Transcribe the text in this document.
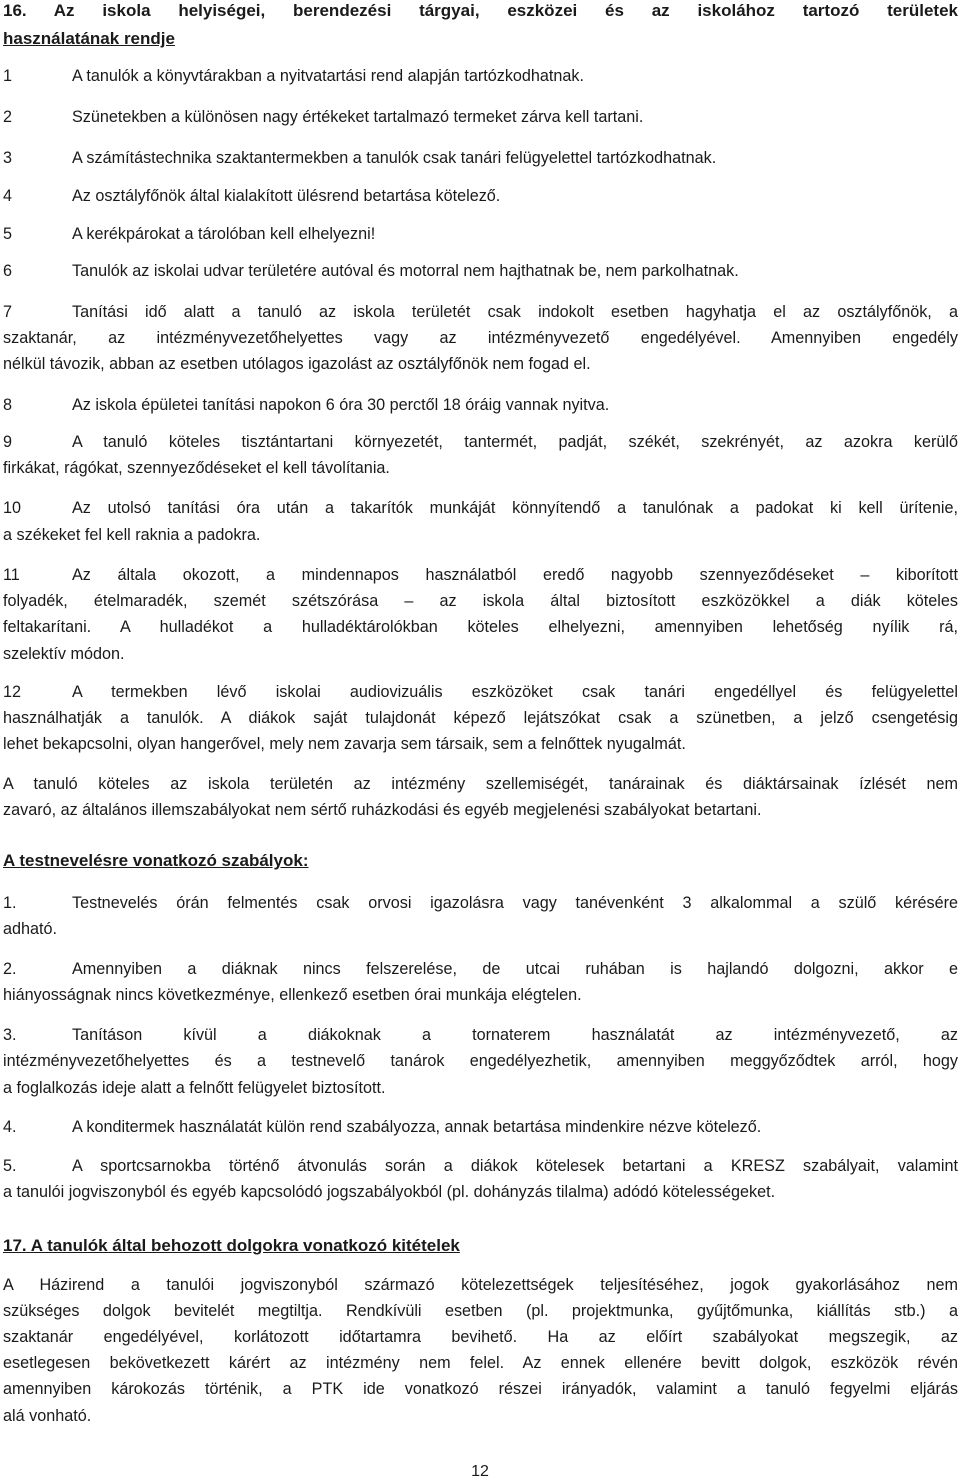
16. Az iskola helyiségei, berendezési tárgyai, eszközei és az iskolához tartozó területek
használatának rendje
1	A tanulók a könyvtárakban a nyitvatartási rend alapján tartózkodhatnak.
2	Szünetekben a különösen nagy értékeket tartalmazó termeket zárva kell tartani.
3	A számítástechnika szaktantermekben a tanulók csak tanári felügyelettel tartózkodhatnak.
4	Az osztályfőnök által kialakított ülésrend betartása kötelező.
5	A kerékpárokat a tárolóban kell elhelyezni!
6	Tanulók az iskolai udvar területére autóval és motorral nem hajthatnak be, nem parkolhatnak.
7	Tanítási idő alatt a tanuló az iskola területét csak indokolt esetben hagyhatja el az osztályfőnök, a
szaktanár, az intézményvezetőhelyettes vagy az intézményvezető engedélyével. Amennyiben engedély
nélkül távozik, abban az esetben utólagos igazolást az osztályfőnök nem fogad el.
8	Az iskola épületei tanítási napokon 6 óra 30 perctől 18 óráig vannak nyitva.
9	A tanuló köteles tisztántartani környezetét, tantermét, padját, székét, szekrényét, az azokra kerülő
firkákat, rágókat, szennyeződéseket el kell távolítania.
10	Az utolsó tanítási óra után a takarítók munkáját könnyítendő a tanulónak a padokat ki kell ürítenie,
a székeket fel kell raknia a padokra.
11	Az általa okozott, a mindennapos használatból eredő nagyobb szennyeződéseket – kiborított
folyadék, ételmaradék, szemét szétszórása – az iskola által biztosított eszközökkel a diák köteles
feltakarítani. A hulladékot a hulladéktárolókban köteles elhelyezni, amennyiben lehetőség nyílik rá,
szelektív módon.
12	A termekben lévő iskolai audiovizuális eszközöket csak tanári engedéllyel és felügyelettel
használhatják a tanulók. A diákok saját tulajdonát képező lejátszókat csak a szünetben, a jelző csengetésig
lehet bekapcsolni, olyan hangerővel, mely nem zavarja sem társaik, sem a felnőttek nyugalmát.
A tanuló köteles az iskola területén az intézmény szellemiségét, tanárainak és diáktársainak ízlését nem
zavaró, az általános illemszabályokat nem sértő ruházkodási és egyéb megjelenési szabályokat betartani.
A testnevelésre vonatkozó szabályok:
1.	Testnevelés órán felmentés csak orvosi igazolásra vagy tanévenként 3 alkalommal a szülő kérésére
adható.
2.	Amennyiben a diáknak nincs felszerelése, de utcai ruhában is hajlandó dolgozni, akkor e
hiányosságnak nincs következménye, ellenkező esetben órai munkája elégtelen.
3.	Tanításon kívül a diákoknak a tornaterem használatát az intézményvezető, az
intézményvezetőhelyettes és a testnevelő tanárok engedélyezhetik, amennyiben meggyőződtek arról, hogy
a foglalkozás ideje alatt a felnőtt felügyelet biztosított.
4.	A konditermek használatát külön rend szabályozza, annak betartása mindenkire nézve kötelező.
5.	A sportcsarnokba történő átvonulás során a diákok kötelesek betartani a KRESZ szabályait, valamint
a tanulói jogviszonyból és egyéb kapcsolódó jogszabályokból (pl. dohányzás tilalma) adódó kötelességeket.
17. A tanulók által behozott dolgokra vonatkozó kitételek
A Házirend a tanulói jogviszonyból származó kötelezettségek teljesítéséhez, jogok gyakorlásához nem
szükséges dolgok bevitelét megtiltja. Rendkívüli esetben (pl. projektmunka, gyűjtőmunka, kiállítás stb.) a
szaktanár engedélyével, korlátozott időtartamra bevihető. Ha az előírt szabályokat megszegik, az
esetlegesen bekövetkezett kárért az intézmény nem felel. Az ennek ellenére bevitt dolgok, eszközök révén
amennyiben károkozás történik, a PTK ide vonatkozó részei irányadók, valamint a tanuló fegyelmi eljárás
alá vonható.
12
